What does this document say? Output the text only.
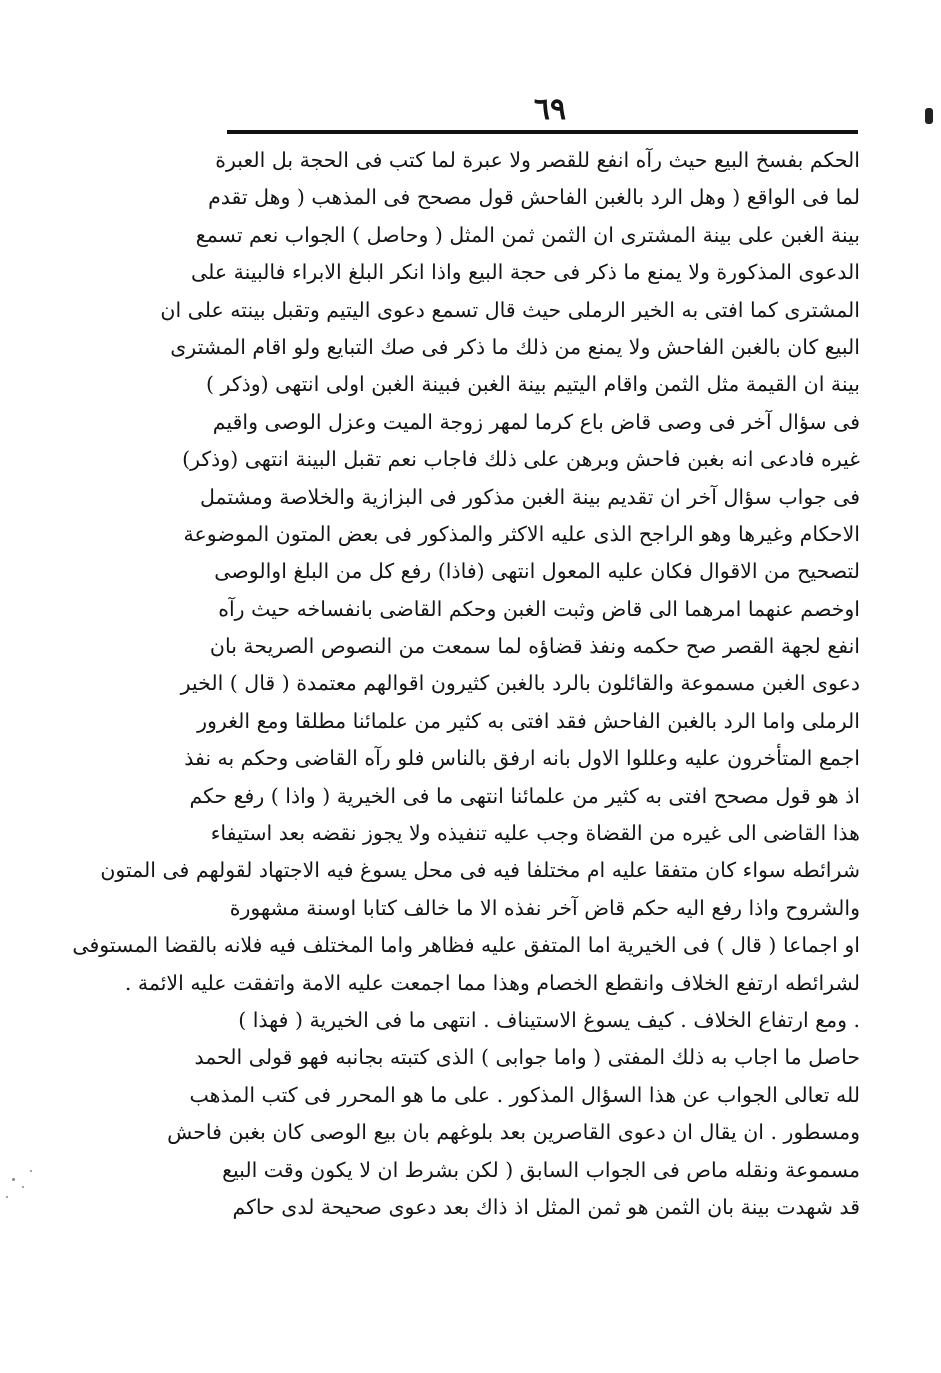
٦٩
الحكم بفسخ البيع حيث رآه انفع للقصر ولا عبرة لما كتب فى الحجة بل العبرة
لما فى الواقع ( وهل الرد بالغبن الفاحش قول مصحح فى المذهب ( وهل تقدم
بينة الغبن على بينة المشترى ان الثمن ثمن المثل ( وحاصل ) الجواب نعم تسمع
الدعوى المذكورة ولا يمنع ما ذكر فى حجة البيع واذا انكر البلغ الابراء فالبينة على
المشترى كما افتى به الخير الرملى حيث قال تسمع دعوى اليتيم وتقبل بينته على ان
البيع كان بالغبن الفاحش ولا يمنع من ذلك ما ذكر فى صك التبايع ولو اقام المشترى
بينة ان القيمة مثل الثمن واقام اليتيم بينة الغبن فبينة الغبن اولى انتهى (وذكر )
فى سؤال آخر فى وصى قاض باع كرما لمهر زوجة الميت وعزل الوصى واقيم
غيره فادعى انه بغبن فاحش وبرهن على ذلك فاجاب نعم تقبل البينة انتهى (وذكر)
فى جواب سؤال آخر ان تقديم بينة الغبن مذكور فى البزازية والخلاصة ومشتمل
الاحكام وغيرها وهو الراجح الذى عليه الاكثر والمذكور فى بعض المتون الموضوعة
لتصحيح من الاقوال فكان عليه المعول انتهى (فاذا) رفع كل من البلغ اوالوصى
اوخصم عنهما امرهما الى قاض وثبت الغبن وحكم القاضى بانفساخه حيث رآه
انفع لجهة القصر صح حكمه ونفذ قضاؤه لما سمعت من النصوص الصريحة بان
دعوى الغبن مسموعة والقائلون بالرد بالغبن كثيرون اقوالهم معتمدة ( قال ) الخير
الرملى واما الرد بالغبن الفاحش فقد افتى به كثير من علمائنا مطلقا ومع الغرور
اجمع المتأخرون عليه وعللوا الاول بانه ارفق بالناس فلو رآه القاضى وحكم به نفذ
اذ هو قول مصحح افتى به كثير من علمائنا انتهى ما فى الخيرية ( واذا ) رفع حكم
هذا القاضى الى غيره من القضاة وجب عليه تنفيذه ولا يجوز نقضه بعد استيفاء
شرائطه سواء كان متفقا عليه ام مختلفا فيه فى محل يسوغ فيه الاجتهاد لقولهم فى المتون
والشروح واذا رفع اليه حكم قاض آخر نفذه الا ما خالف كتابا اوسنة مشهورة
او اجماعا ( قال ) فى الخيرية اما المتفق عليه فظاهر واما المختلف فيه فلانه بالقضا المستوفى
لشرائطه ارتفع الخلاف وانقطع الخصام وهذا مما اجمعت عليه الامة واتفقت عليه الائمة .
. ومع ارتفاع الخلاف . كيف يسوغ الاستيناف . انتهى ما فى الخيرية ( فهذا )
حاصل ما اجاب به ذلك المفتى ( واما جوابى ) الذى كتبته بجانبه فهو قولى الحمد
لله تعالى الجواب عن هذا السؤال المذكور . على ما هو المحرر فى كتب المذهب
ومسطور . ان يقال ان دعوى القاصرين بعد بلوغهم بان بيع الوصى كان بغبن فاحش
مسموعة ونقله ماص فى الجواب السابق ( لكن بشرط ان لا يكون وقت البيع
قد شهدت بينة بان الثمن هو ثمن المثل اذ ذاك بعد دعوى صحيحة لدى حاكم
